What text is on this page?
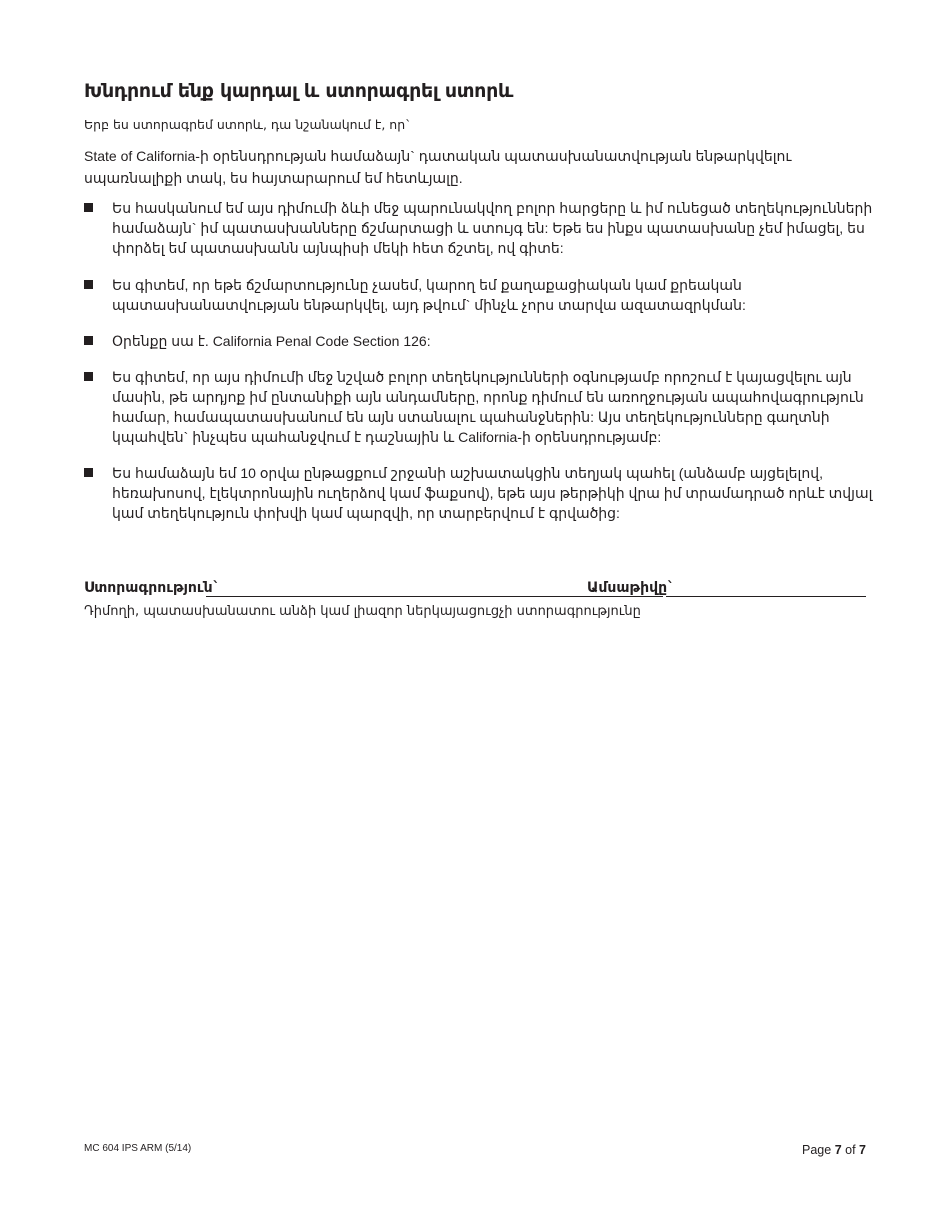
Խնդրում ենք կարդալ և ստորագրել ստորև
Երբ ես ստորագրեմ ստորև, դա նշանակում է, որ`
State of California-ի օրենսդրության համաձայն` դատական պատասխանատվության ենթարկվելու սպառնալիքի տակ, ես հայտարարում եմ հետևյալը.
Ես հասկանում եմ այս դիմումի ձևի մեջ պարունակվող բոլոր հարցերը և իմ ունեցած տեղեկությունների համաձայն` իմ պատասխանները ճշմարտացի և ստույգ են: Եթե ես ինքս պատասխանը չեմ իմացել, ես փորձել եմ պատասխանն այնպիսի մեկի հետ ճշտել, ով գիտե:
Ես գիտեմ, որ եթե ճշմարտությունը չասեմ, կարող եմ քաղաքացիական կամ քրեական պատասխանատվության ենթարկվել, այդ թվում` մինչև չորս տարվա ազատազրկման:
Օրենքը սա է. California Penal Code Section 126:
Ես գիտեմ, որ այս դիմումի մեջ նշված բոլոր տեղեկությունների օգնությամբ որոշում է կայացվելու այն մասին, թե արդյոք իմ ընտանիքի այն անդամները, որոնք դիմում են առողջության ապահովագրություն համար, համապատասխանում են այն ստանալու պահանջներին: Այս տեղեկությունները գաղտնի կպահվեն` ինչպես պահանջվում է դաշնային և California-ի օրենսդրությամբ:
Ես համաձայն եմ 10 օրվա ընթացքում շրջանի աշխատակցին տեղյակ պահել (անձամբ այցելելով, հեռախոսով, էլեկտրոնային ուղերձով կամ ֆաքսով), եթե այս թերթիկի վրա իմ տրամադրած որևէ տվյալ կամ տեղեկություն փոխվի կամ պարզվի, որ տարբերվում է գրվածից:
Ստորագրություն`	Ամսաթիվը`
Դիմողի, պատասխանատու անձի կամ լիազոր ներկայացուցչի ստորագրությունը
MC 604 IPS ARM (5/14)	Page 7 of 7
